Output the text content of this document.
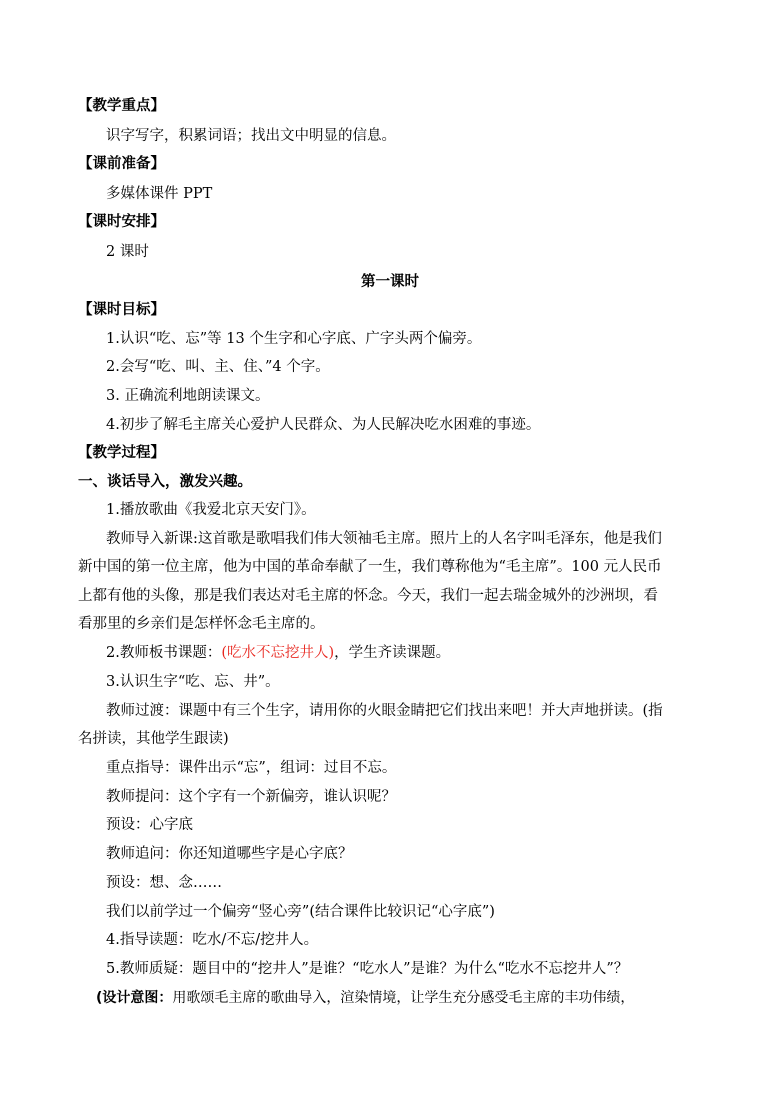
【教学重点】
识字写字，积累词语；找出文中明显的信息。
【课前准备】
多媒体课件 PPT
【课时安排】
2 课时
第一课时
【课时目标】
1.认识“吃、忘”等 13 个生字和心字底、广字头两个偏旁。
2.会写“吃、叫、主、住、”4 个字。
3. 正确流利地朗读课文。
4.初步了解毛主席关心爱护人民群众、为人民解决吃水困难的事迹。
【教学过程】
一、谈话导入，激发兴趣。
1.播放歌曲《我爱北京天安门》。
教师导入新课:这首歌是歌唱我们伟大领袖毛主席。照片上的人名字叫毛泽东，他是我们
新中国的第一位主席，他为中国的革命奉献了一生，我们尊称他为“毛主席”。100 元人民币
上都有他的头像，那是我们表达对毛主席的怀念。今天，我们一起去瑞金城外的沙洲坝，看
看那里的乡亲们是怎样怀念毛主席的。
2.教师板书课题：(吃水不忘挖井人)，学生齐读课题。
3.认识生字“吃、忘、井”。
教师过渡：课题中有三个生字，请用你的火眼金睛把它们找出来吧！并大声地拼读。(指
名拼读，其他学生跟读)
重点指导：课件出示“忘”，组词：过目不忘。
教师提问：这个字有一个新偏旁，谁认识呢？
预设：心字底
教师追问：你还知道哪些字是心字底？
预设：想、念……
我们以前学过一个偏旁“竖心旁”(结合课件比较识记“心字底”)
4.指导读题：吃水/不忘/挖井人。
5.教师质疑：题目中的“挖井人”是谁？“吃水人”是谁？为什么“吃水不忘挖井人”？
(设计意图：用歌颂毛主席的歌曲导入，渲染情境，让学生充分感受毛主席的丰功伟绩，
